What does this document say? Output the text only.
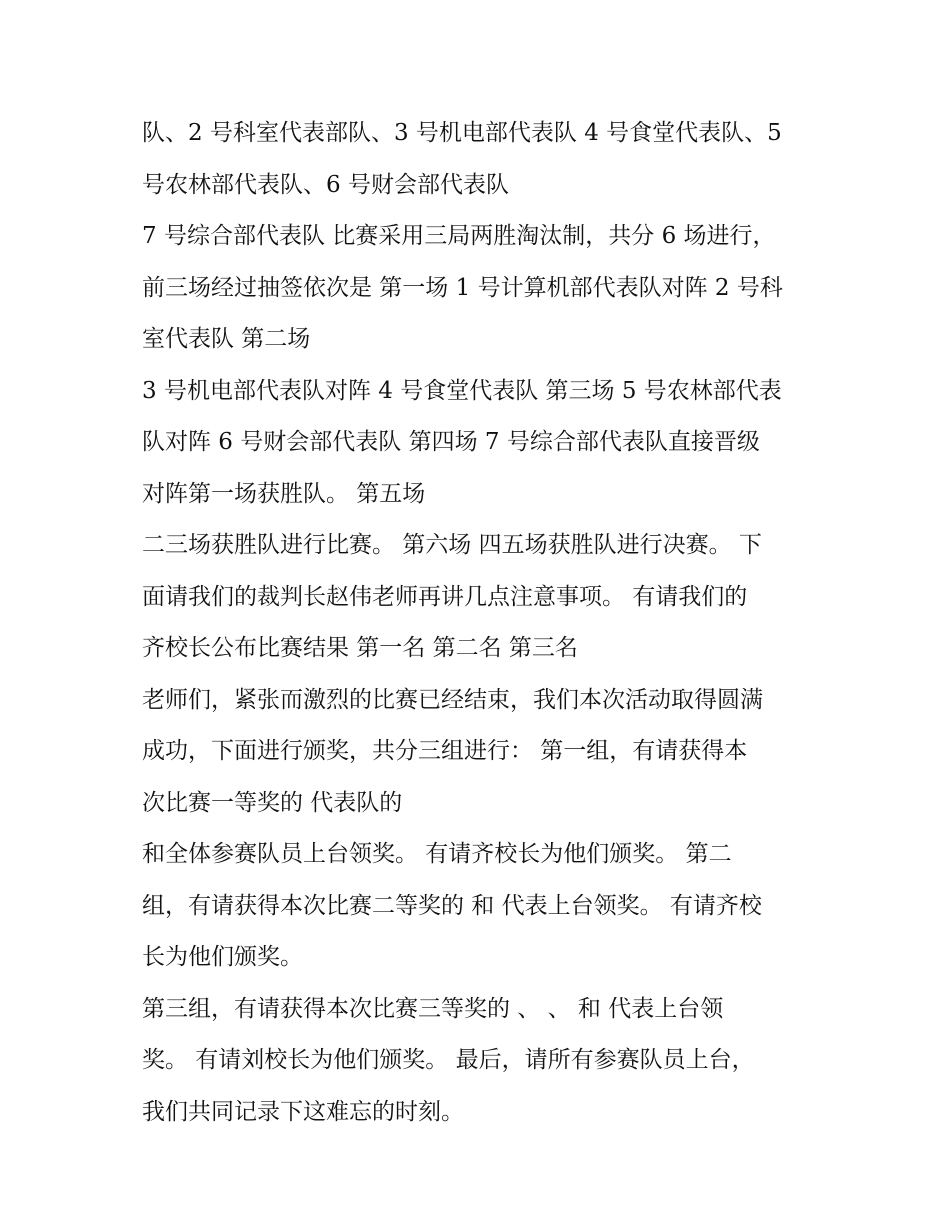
队、2 号科室代表部队、3 号机电部代表队 4 号食堂代表队、5
号农林部代表队、6 号财会部代表队
7 号综合部代表队 比赛采用三局两胜淘汰制，共分 6 场进行，
前三场经过抽签依次是 第一场 1 号计算机部代表队对阵 2 号科
室代表队 第二场
3 号机电部代表队对阵 4 号食堂代表队 第三场 5 号农林部代表
队对阵 6 号财会部代表队 第四场 7 号综合部代表队直接晋级
对阵第一场获胜队。 第五场
二三场获胜队进行比赛。 第六场 四五场获胜队进行决赛。 下
面请我们的裁判长赵伟老师再讲几点注意事项。 有请我们的
齐校长公布比赛结果 第一名 第二名 第三名
老师们，紧张而激烈的比赛已经结束，我们本次活动取得圆满
成功，下面进行颁奖，共分三组进行： 第一组，有请获得本
次比赛一等奖的 代表队的
和全体参赛队员上台领奖。 有请齐校长为他们颁奖。 第二
组，有请获得本次比赛二等奖的 和 代表上台领奖。 有请齐校
长为他们颁奖。
第三组，有请获得本次比赛三等奖的 、 、 和 代表上台领
奖。 有请刘校长为他们颁奖。 最后，请所有参赛队员上台，
我们共同记录下这难忘的时刻。
